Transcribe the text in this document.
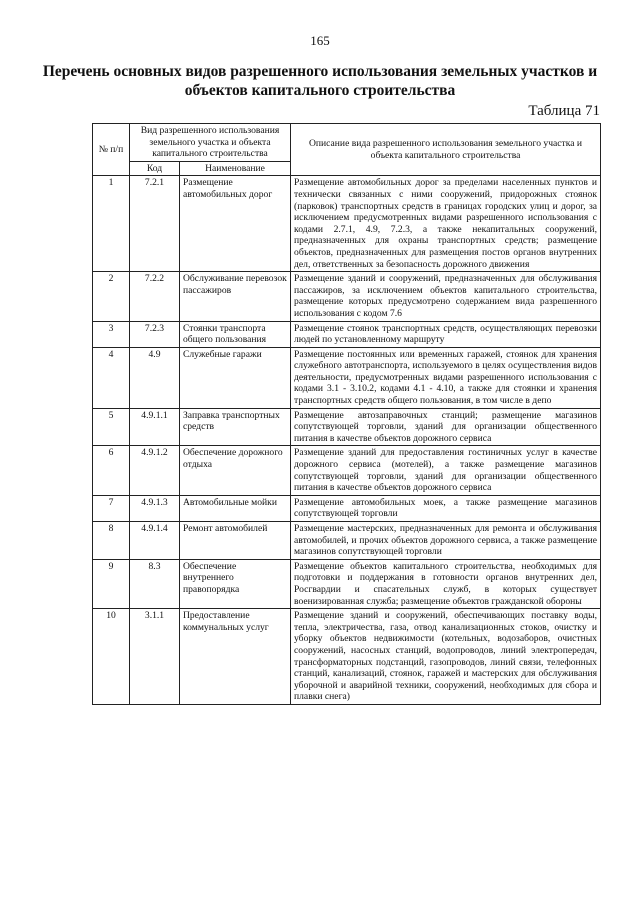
165
Перечень основных видов разрешенного использования земельных участков и объектов капитального строительства
Таблица 71
№ п/п	Вид разрешенного использования земельного участка и объекта капитального строительства		Описание вида разрешенного использования земельного участка и объекта капитального строительства
	Код	Наименование	
1	7.2.1	Размещение автомобильных дорог	Размещение автомобильных дорог за пределами населенных пунктов и технически связанных с ними сооружений, придорожных стоянок (парковок) транспортных средств в границах городских улиц и дорог, за исключением предусмотренных видами разрешенного использования с кодами 2.7.1, 4.9, 7.2.3, а также некапитальных сооружений, предназначенных для охраны транспортных средств; размещение объектов, предназначенных для размещения постов органов внутренних дел, ответственных за безопасность дорожного движения
2	7.2.2	Обслуживание перевозок пассажиров	Размещение зданий и сооружений, предназначенных для обслуживания пассажиров, за исключением объектов капитального строительства, размещение которых предусмотрено содержанием вида разрешенного использования с кодом 7.6
3	7.2.3	Стоянки транспорта общего пользования	Размещение стоянок транспортных средств, осуществляющих перевозки людей по установленному маршруту
4	4.9	Служебные гаражи	Размещение постоянных или временных гаражей, стоянок для хранения служебного автотранспорта, используемого в целях осуществления видов деятельности, предусмотренных видами разрешенного использования с кодами 3.1 - 3.10.2, кодами 4.1 - 4.10, а также для стоянки и хранения транспортных средств общего пользования, в том числе в депо
5	4.9.1.1	Заправка транспортных средств	Размещение автозаправочных станций; размещение магазинов сопутствующей торговли, зданий для организации общественного питания в качестве объектов дорожного сервиса
6	4.9.1.2	Обеспечение дорожного отдыха	Размещение зданий для предоставления гостиничных услуг в качестве дорожного сервиса (мотелей), а также размещение магазинов сопутствующей торговли, зданий для организации общественного питания в качестве объектов дорожного сервиса
7	4.9.1.3	Автомобильные мойки	Размещение автомобильных моек, а также размещение магазинов сопутствующей торговли
8	4.9.1.4	Ремонт автомобилей	Размещение мастерских, предназначенных для ремонта и обслуживания автомобилей, и прочих объектов дорожного сервиса, а также размещение магазинов сопутствующей торговли
9	8.3	Обеспечение внутреннего правопорядка	Размещение объектов капитального строительства, необходимых для подготовки и поддержания в готовности органов внутренних дел, Росгвардии и спасательных служб, в которых существует военизированная служба; размещение объектов гражданской обороны
10	3.1.1	Предоставление коммунальных услуг	Размещение зданий и сооружений, обеспечивающих поставку воды, тепла, электричества, газа, отвод канализационных стоков, очистку и уборку объектов недвижимости (котельных, водозаборов, очистных сооружений, насосных станций, водопроводов, линий электропередач, трансформаторных подстанций, газопроводов, линий связи, телефонных станций, канализаций, стоянок, гаражей и мастерских для обслуживания уборочной и аварийной техники, сооружений, необходимых для сбора и плавки снега)
